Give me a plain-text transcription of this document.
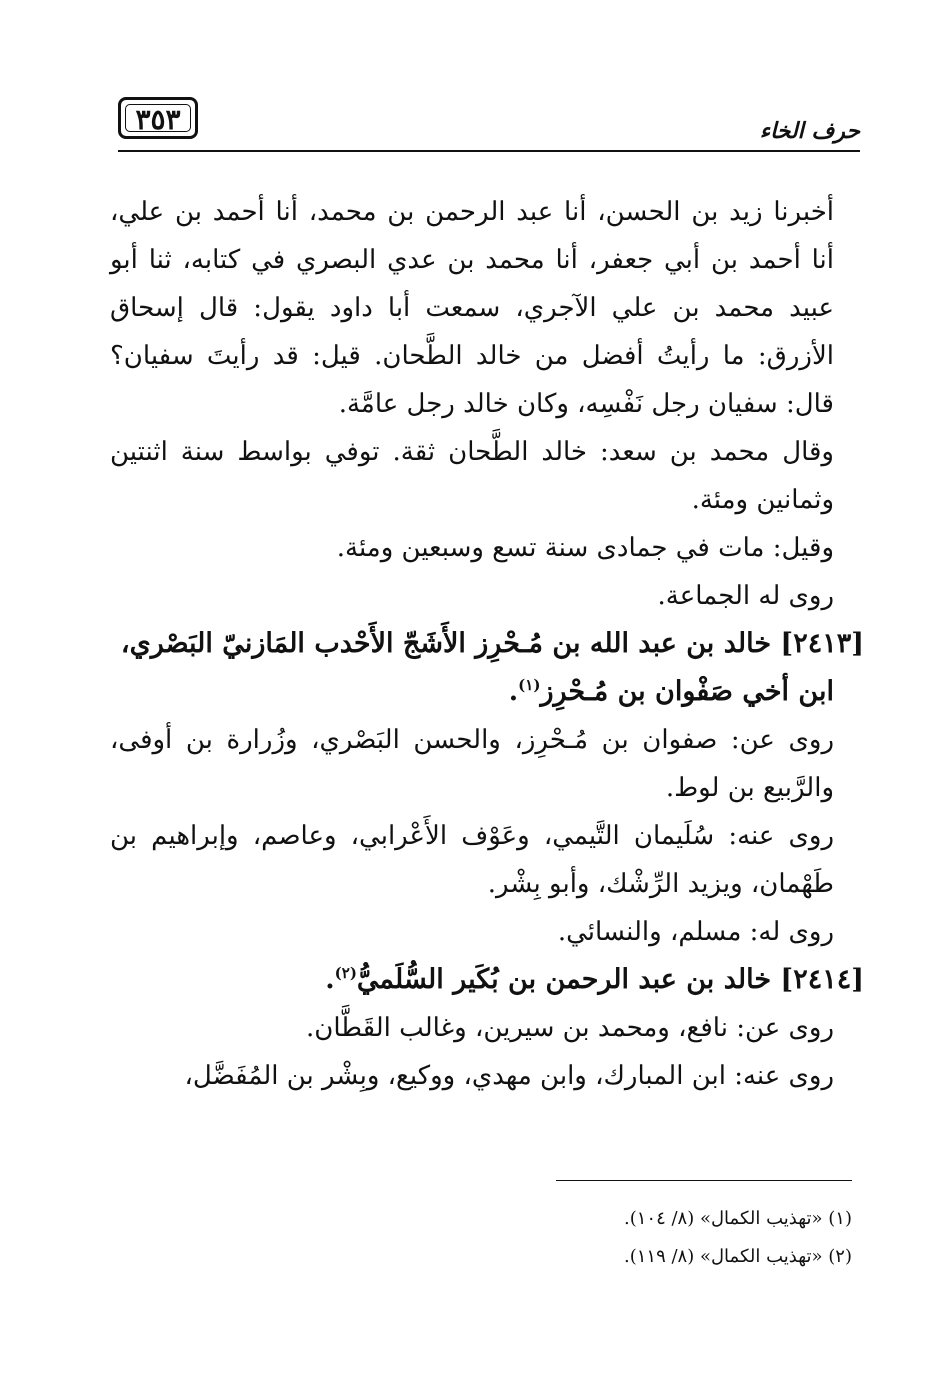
٣٥٣	حرف الخاء

أخبرنا زيد بن الحسن، أنا عبد الرحمن بن محمد، أنا أحمد بن علي، أنا أحمد بن أبي جعفر، أنا محمد بن عدي البصري في كتابه، ثنا أبو عبيد محمد بن علي الآجري، سمعت أبا داود يقول: قال إسحاق الأزرق: ما رأيتُ أفضل من خالد الطَّحان. قيل: قد رأيتَ سفيان؟ قال: سفيان رجل نَفْسِه، وكان خالد رجل عامَّة.

وقال محمد بن سعد: خالد الطَّحان ثقة. توفي بواسط سنة اثنتين وثمانين ومئة.

وقيل: مات في جمادى سنة تسع وسبعين ومئة.

روى له الجماعة.

[٢٤١٣] خالد بن عبد الله بن مُـحْرِز الأَشَجّ الأَحْدب المَازنيّ البَصْري،
ابن أخي صَفْوان بن مُـحْرِز$^{(١)}$.

روى عن: صفوان بن مُـحْرِز، والحسن البَصْري، وزُرارة بن أوفى، والرَّبيع بن لوط.

روى عنه: سُلَيمان التَّيمي، وعَوْف الأَعْرابي، وعاصم، وإبراهيم بن طَهْمان، ويزيد الرِّشْك، وأبو بِشْر.

روى له: مسلم، والنسائي.

[٢٤١٤] خالد بن عبد الرحمن بن بُكَير السُّلَميُّ$^{(٢)}$.

روى عن: نافع، ومحمد بن سيرين، وغالب القَطَّان.

روى عنه: ابن المبارك، وابن مهدي، ووكيع، وبِشْر بن المُفَضَّل،

(١) «تهذيب الكمال» (٨/ ١٠٤).

(٢) «تهذيب الكمال» (٨/ ١١٩).
